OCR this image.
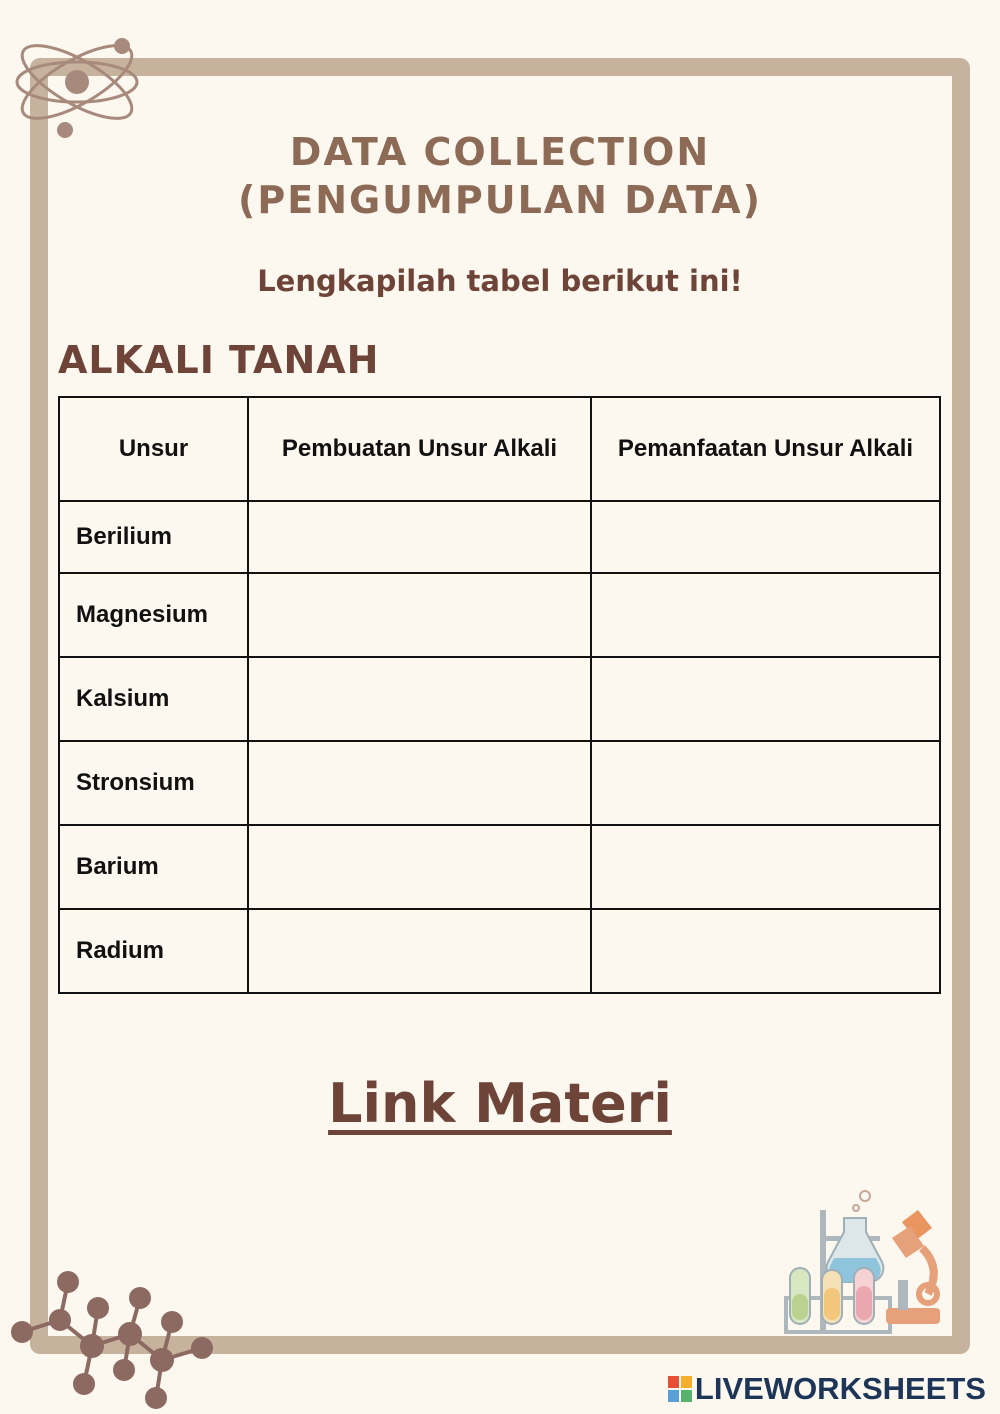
DATA COLLECTION
(PENGUMPULAN DATA)
Lengkapilah tabel berikut ini!
ALKALI TANAH
Unsur	Pembuatan Unsur Alkali	Pemanfaatan Unsur Alkali
Berilium		
Magnesium		
Kalsium		
Stronsium		
Barium		
Radium		
Link Materi
LIVEWORKSHEETS
